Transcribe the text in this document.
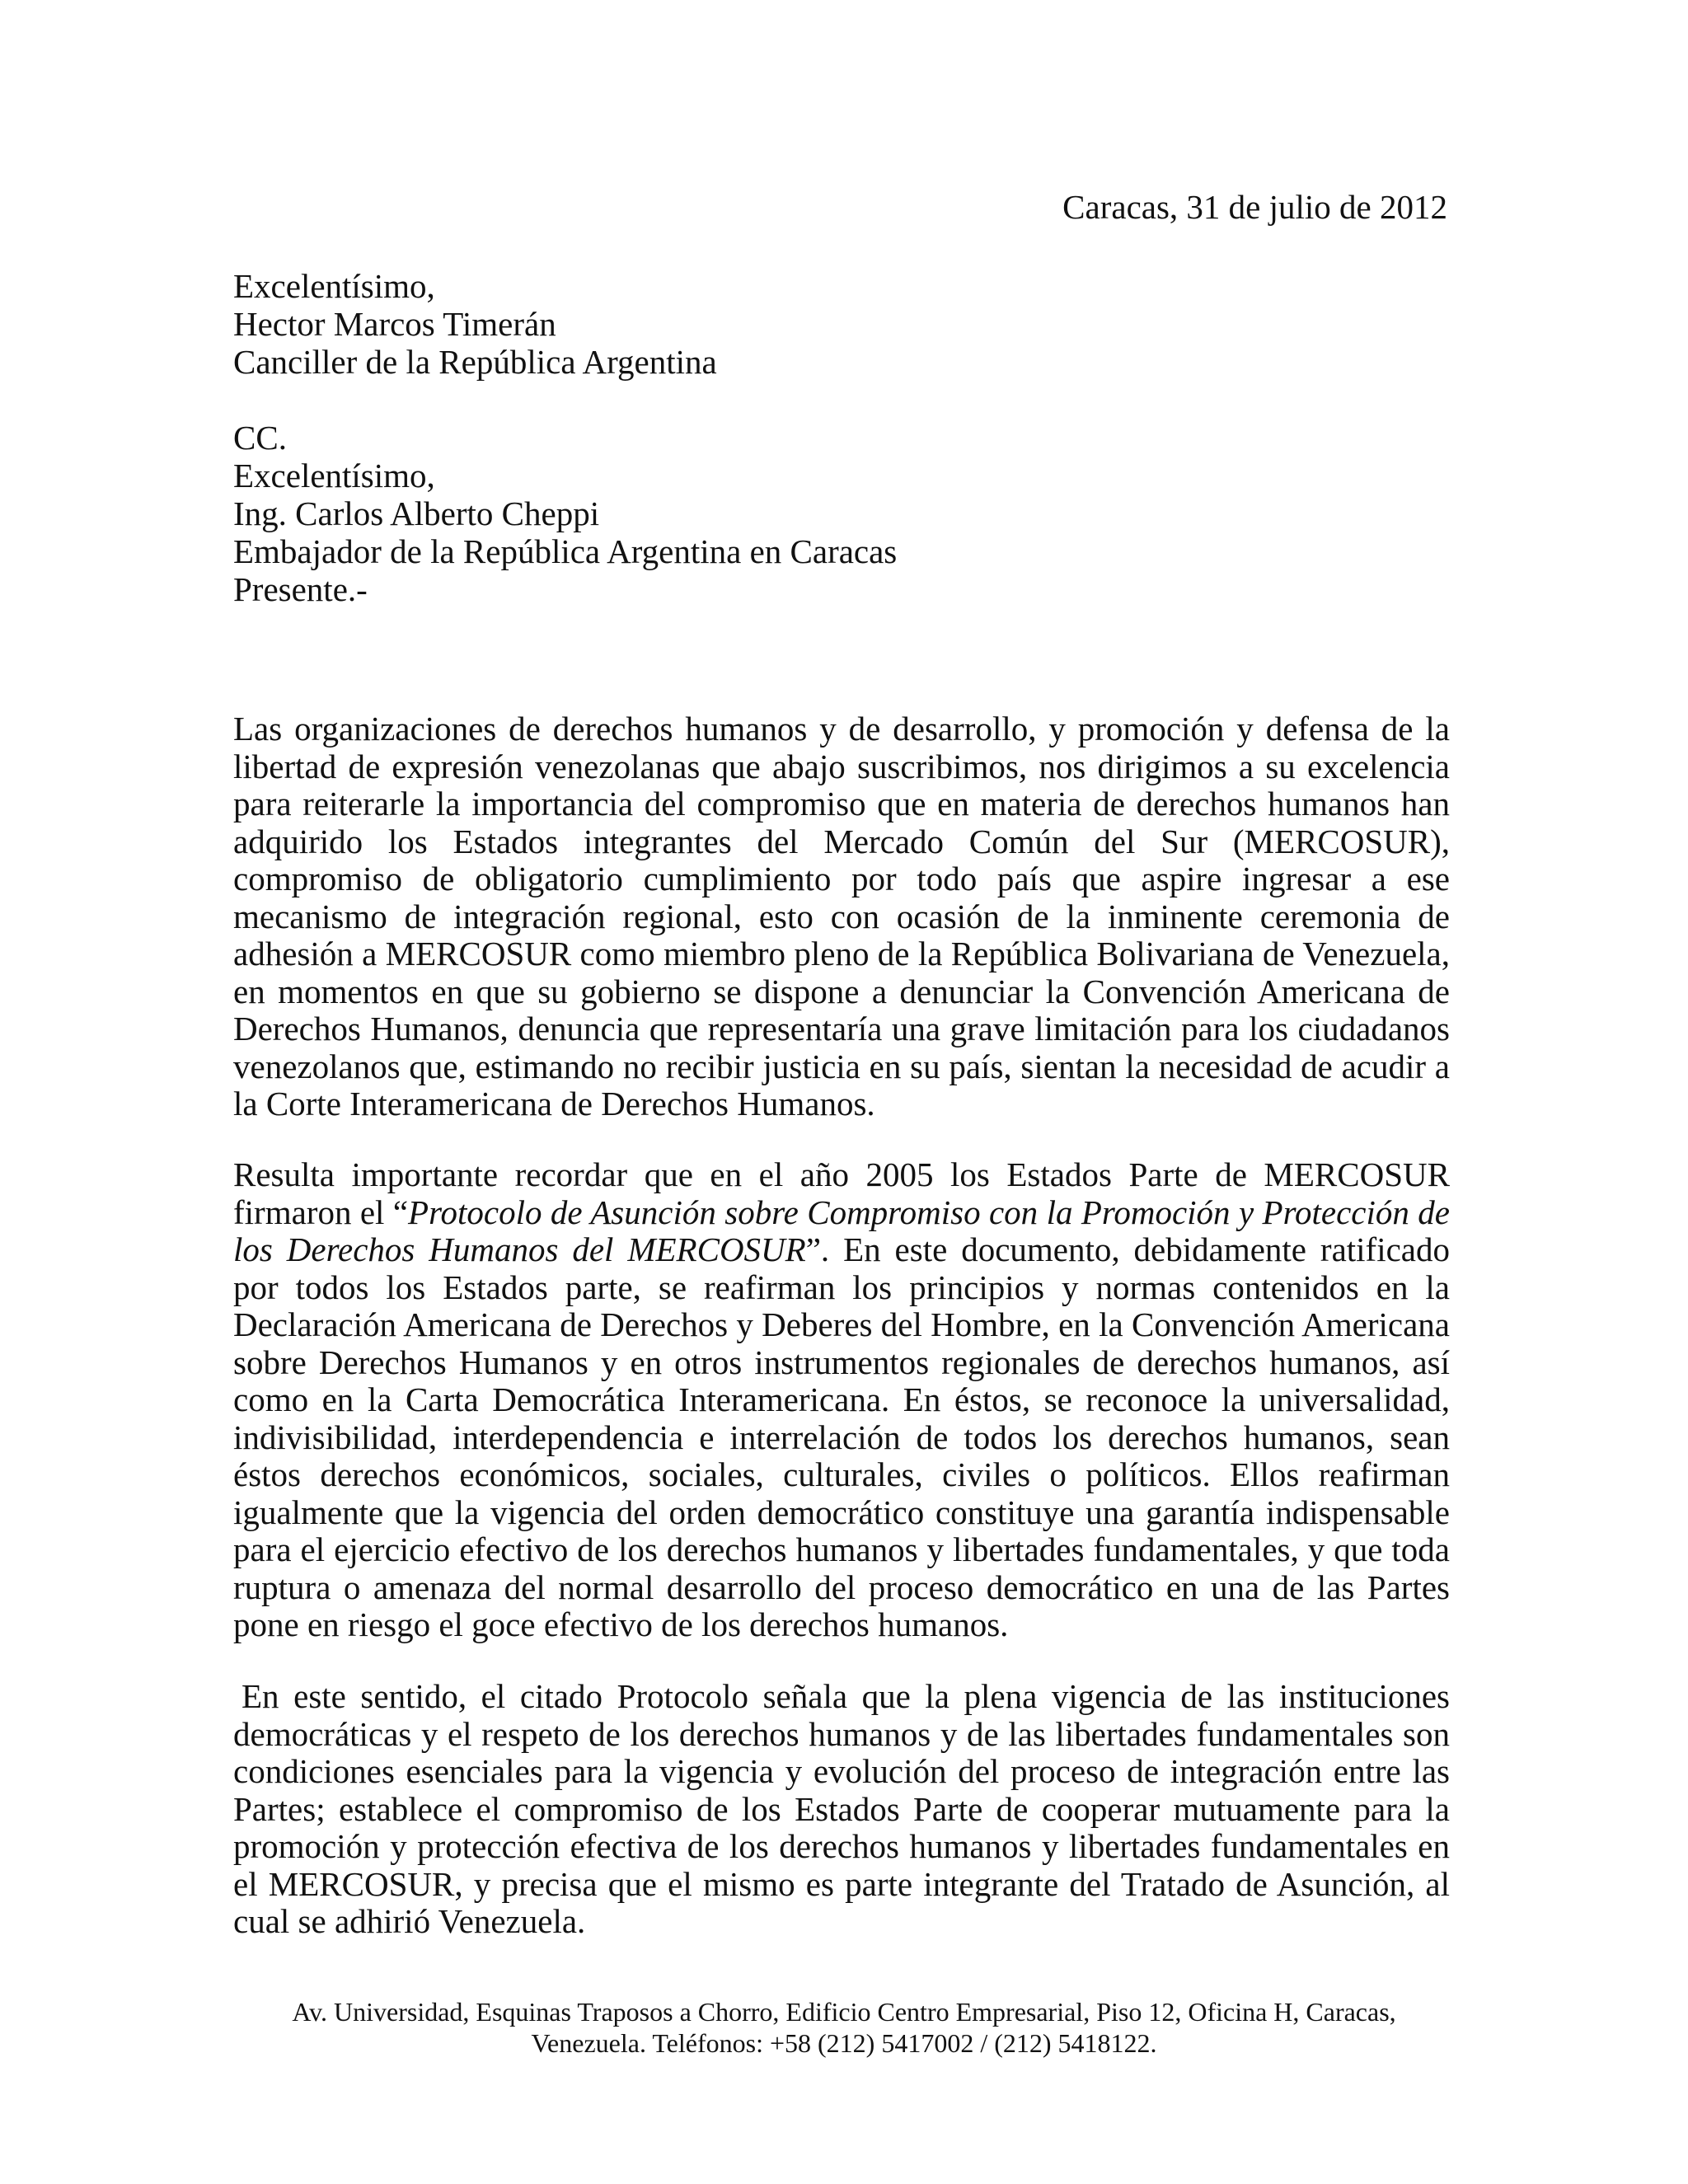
Caracas, 31 de julio de 2012
Excelentísimo,
Hector Marcos Timerán
Canciller de la República Argentina
CC.
Excelentísimo,
Ing. Carlos Alberto Cheppi
Embajador de la República Argentina en Caracas
Presente.-
Las organizaciones de derechos humanos y de desarrollo, y promoción y defensa de la libertad de expresión venezolanas que abajo suscribimos, nos dirigimos a su excelencia para reiterarle la importancia del compromiso que en materia de derechos humanos han adquirido los Estados integrantes del Mercado Común del Sur (MERCOSUR), compromiso de obligatorio cumplimiento por todo país que aspire ingresar a ese mecanismo de integración regional, esto con ocasión de la inminente ceremonia de adhesión a MERCOSUR como miembro pleno de la República Bolivariana de Venezuela, en momentos en que su gobierno se dispone a denunciar la Convención Americana de Derechos Humanos, denuncia que representaría una grave limitación para los ciudadanos venezolanos que, estimando no recibir justicia en su país, sientan la necesidad de acudir a la Corte Interamericana de Derechos Humanos.
Resulta importante recordar que en el año 2005 los Estados Parte de MERCOSUR firmaron el “Protocolo de Asunción sobre Compromiso con la Promoción y Protección de los Derechos Humanos del MERCOSUR”. En este documento, debidamente ratificado por todos los Estados parte, se reafirman los principios y normas contenidos en la Declaración Americana de Derechos y Deberes del Hombre, en la Convención Americana sobre Derechos Humanos y en otros instrumentos regionales de derechos humanos, así como en la Carta Democrática Interamericana. En éstos, se reconoce la universalidad, indivisibilidad, interdependencia e interrelación de todos los derechos humanos, sean éstos derechos económicos, sociales, culturales, civiles o políticos. Ellos reafirman igualmente que la vigencia del orden democrático constituye una garantía indispensable para el ejercicio efectivo de los derechos humanos y libertades fundamentales, y que toda ruptura o amenaza del normal desarrollo del proceso democrático en una de las Partes pone en riesgo el goce efectivo de los derechos humanos.
En este sentido, el citado Protocolo señala que la plena vigencia de las instituciones democráticas y el respeto de los derechos humanos y de las libertades fundamentales son condiciones esenciales para la vigencia y evolución del proceso de integración entre las Partes; establece el compromiso de los Estados Parte de cooperar mutuamente para la promoción y protección efectiva de los derechos humanos y libertades fundamentales en el MERCOSUR, y precisa que el mismo es parte integrante del Tratado de Asunción, al cual se adhirió Venezuela.
Av. Universidad, Esquinas Traposos a Chorro, Edificio Centro Empresarial, Piso 12, Oficina H, Caracas,
Venezuela. Teléfonos: +58 (212) 5417002 / (212) 5418122.
